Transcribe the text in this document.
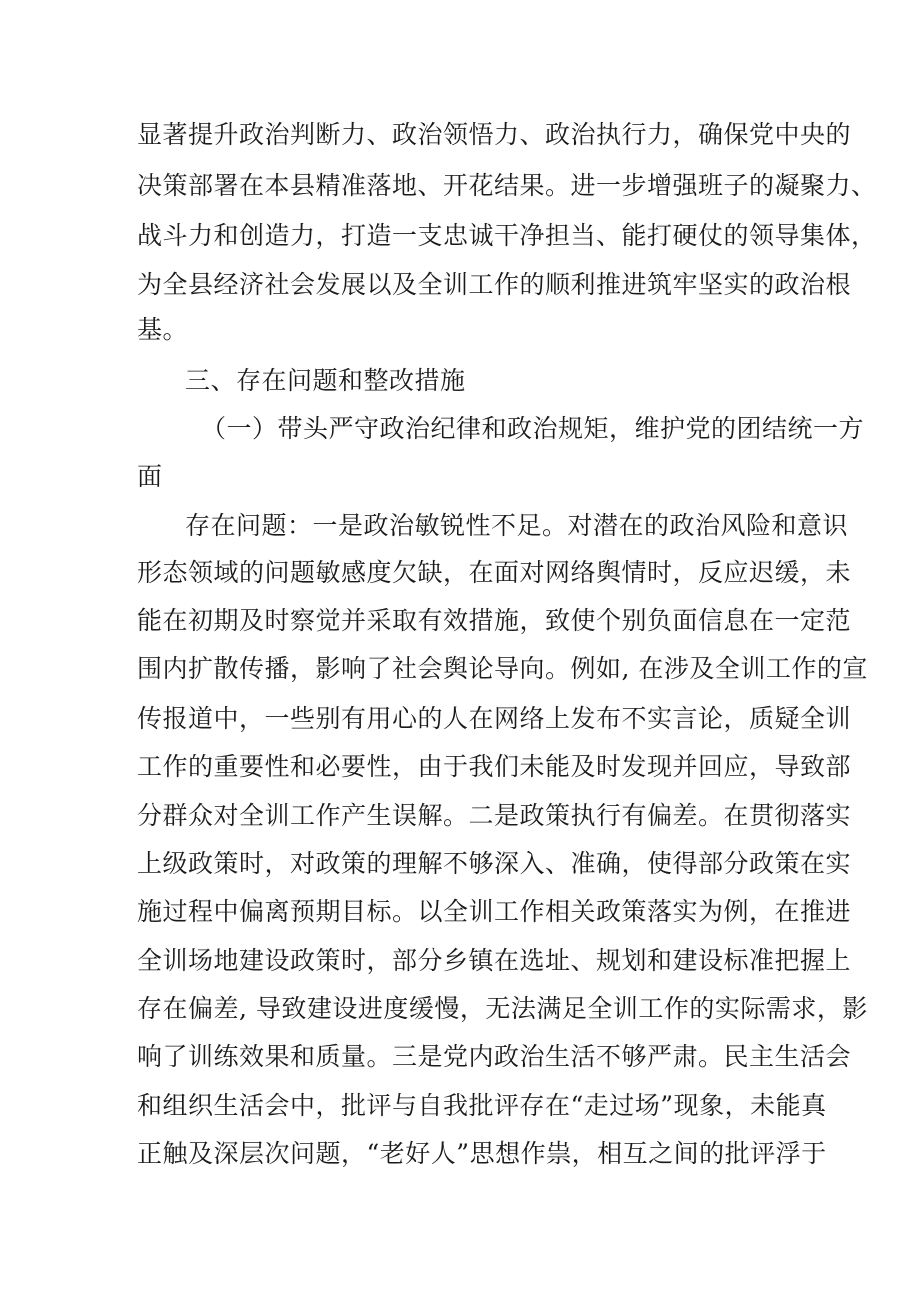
显著提升政治判断力、政治领悟力、政治执行力，确保党中央的
决策部署在本县精准落地、开花结果。进一步增强班子的凝聚力、
战斗力和创造力，打造一支忠诚干净担当、能打硬仗的领导集体，
为全县经济社会发展以及全训工作的顺利推进筑牢坚实的政治根
基。
三、存在问题和整改措施
（一）带头严守政治纪律和政治规矩，维护党的团结统一方
面
存在问题：一是政治敏锐性不足。对潜在的政治风险和意识
形态领域的问题敏感度欠缺，在面对网络舆情时，反应迟缓，未
能在初期及时察觉并采取有效措施，致使个别负面信息在一定范
围内扩散传播，影响了社会舆论导向。例如, 在涉及全训工作的宣
传报道中，一些别有用心的人在网络上发布不实言论，质疑全训
工作的重要性和必要性，由于我们未能及时发现并回应，导致部
分群众对全训工作产生误解。二是政策执行有偏差。在贯彻落实
上级政策时，对政策的理解不够深入、准确，使得部分政策在实
施过程中偏离预期目标。以全训工作相关政策落实为例，在推进
全训场地建设政策时，部分乡镇在选址、规划和建设标准把握上
存在偏差, 导致建设进度缓慢，无法满足全训工作的实际需求，影
响了训练效果和质量。三是党内政治生活不够严肃。民主生活会
和组织生活会中，批评与自我批评存在“走过场”现象，未能真
正触及深层次问题，“老好人”思想作祟，相互之间的批评浮于
